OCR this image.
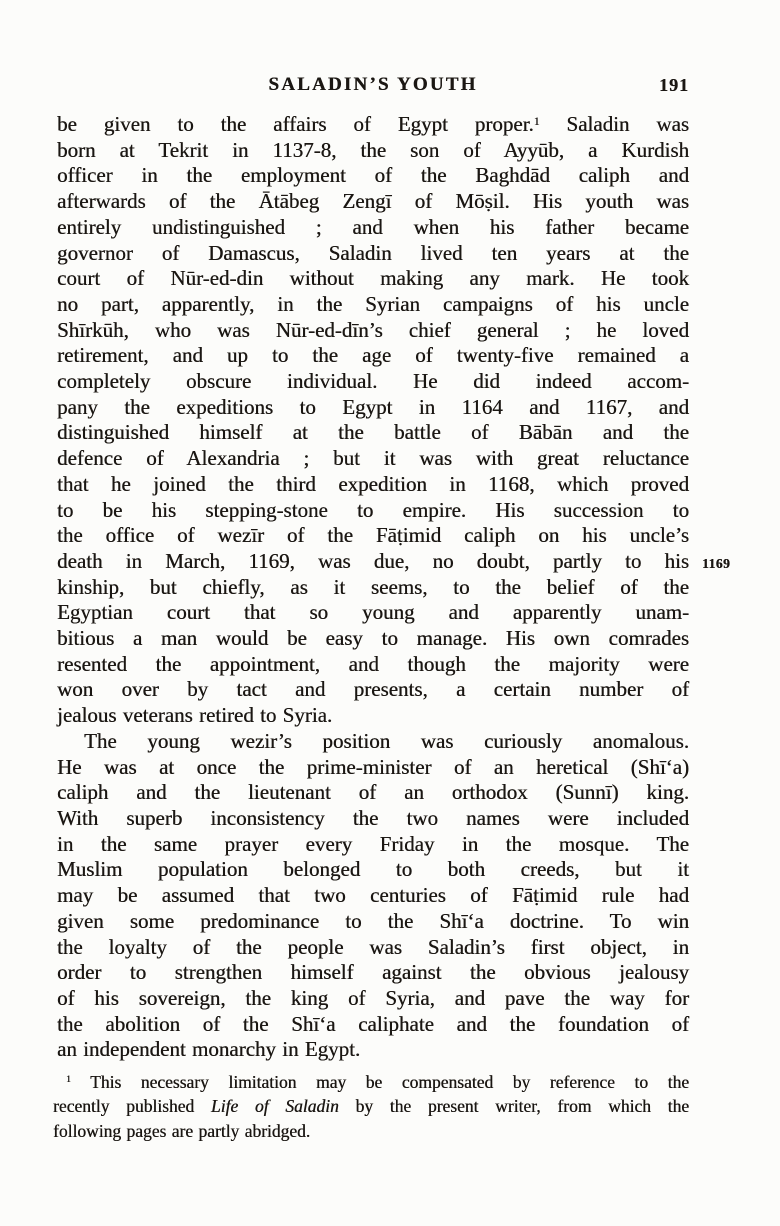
SALADIN’S YOUTH	191
be given to the affairs of Egypt proper.$^1$ Saladin was
born at Tekrit in 1137-8, the son of Ayyūb, a Kurdish
officer in the employment of the Baghdād caliph and
afterwards of the Ātābeg Zengī of Mōṣil. His youth was
entirely undistinguished ; and when his father became
governor of Damascus, Saladin lived ten years at the
court of Nūr-ed-din without making any mark. He took
no part, apparently, in the Syrian campaigns of his uncle
Shīrkūh, who was Nūr-ed-dīn’s chief general ; he loved
retirement, and up to the age of twenty-five remained a
completely obscure individual. He did indeed accom-
pany the expeditions to Egypt in 1164 and 1167, and
distinguished himself at the battle of Bābān and the
defence of Alexandria ; but it was with great reluctance
that he joined the third expedition in 1168, which proved
to be his stepping-stone to empire. His succession to
the office of wezīr of the Fāṭimid caliph on his uncle’s
death in March, 1169, was due, no doubt, partly to his
kinship, but chiefly, as it seems, to the belief of the
Egyptian court that so young and apparently unam-
bitious a man would be easy to manage. His own comrades
resented the appointment, and though the majority were
won over by tact and presents, a certain number of
jealous veterans retired to Syria.
The young wezir’s position was curiously anomalous.
He was at once the prime-minister of an heretical (Shī‘a)
caliph and the lieutenant of an orthodox (Sunnī) king.
With superb inconsistency the two names were included
in the same prayer every Friday in the mosque. The
Muslim population belonged to both creeds, but it
may be assumed that two centuries of Fāṭimid rule had
given some predominance to the Shī‘a doctrine. To win
the loyalty of the people was Saladin’s first object, in
order to strengthen himself against the obvious jealousy
of his sovereign, the king of Syria, and pave the way for
the abolition of the Shī‘a caliphate and the foundation of
an independent monarchy in Egypt.
1169
$^1$ This necessary limitation may be compensated by reference to the
recently published Life of Saladin by the present writer, from which the
following pages are partly abridged.
